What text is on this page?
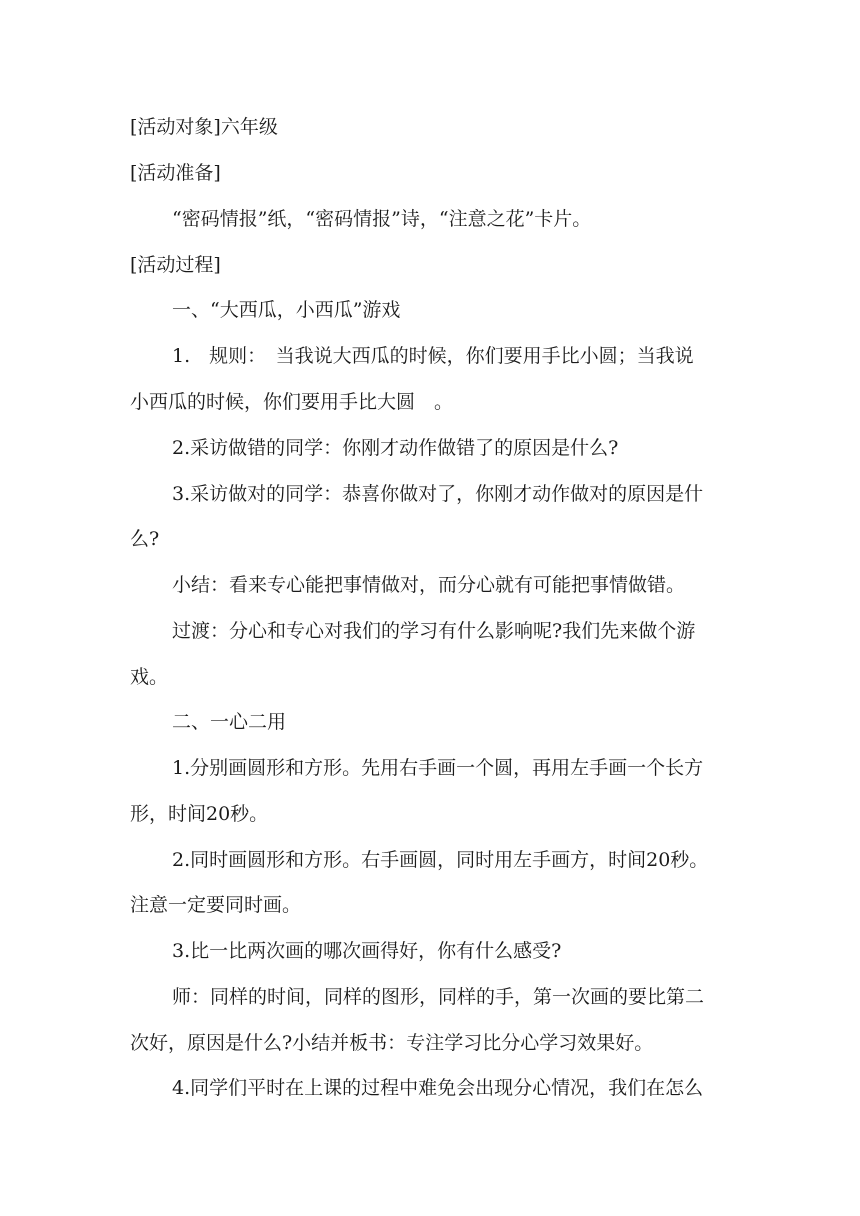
[活动对象]六年级
[活动准备]
“密码情报”纸，“密码情报”诗，“注意之花”卡片。
[活动过程]
一、“大西瓜，小西瓜”游戏
1.　规则：　当我说大西瓜的时候，你们要用手比小圆；当我说
小西瓜的时候，你们要用手比大圆　。
2.采访做错的同学：你刚才动作做错了的原因是什么?
3.采访做对的同学：恭喜你做对了，你刚才动作做对的原因是什
么?
小结：看来专心能把事情做对，而分心就有可能把事情做错。
过渡：分心和专心对我们的学习有什么影响呢?我们先来做个游
戏。
二、一心二用
1.分别画圆形和方形。先用右手画一个圆，再用左手画一个长方
形，时间20秒。
2.同时画圆形和方形。右手画圆，同时用左手画方，时间20秒。
注意一定要同时画。
3.比一比两次画的哪次画得好，你有什么感受?
师：同样的时间，同样的图形，同样的手，第一次画的要比第二
次好，原因是什么?小结并板书：专注学习比分心学习效果好。
4.同学们平时在上课的过程中难免会出现分心情况，我们在怎么
